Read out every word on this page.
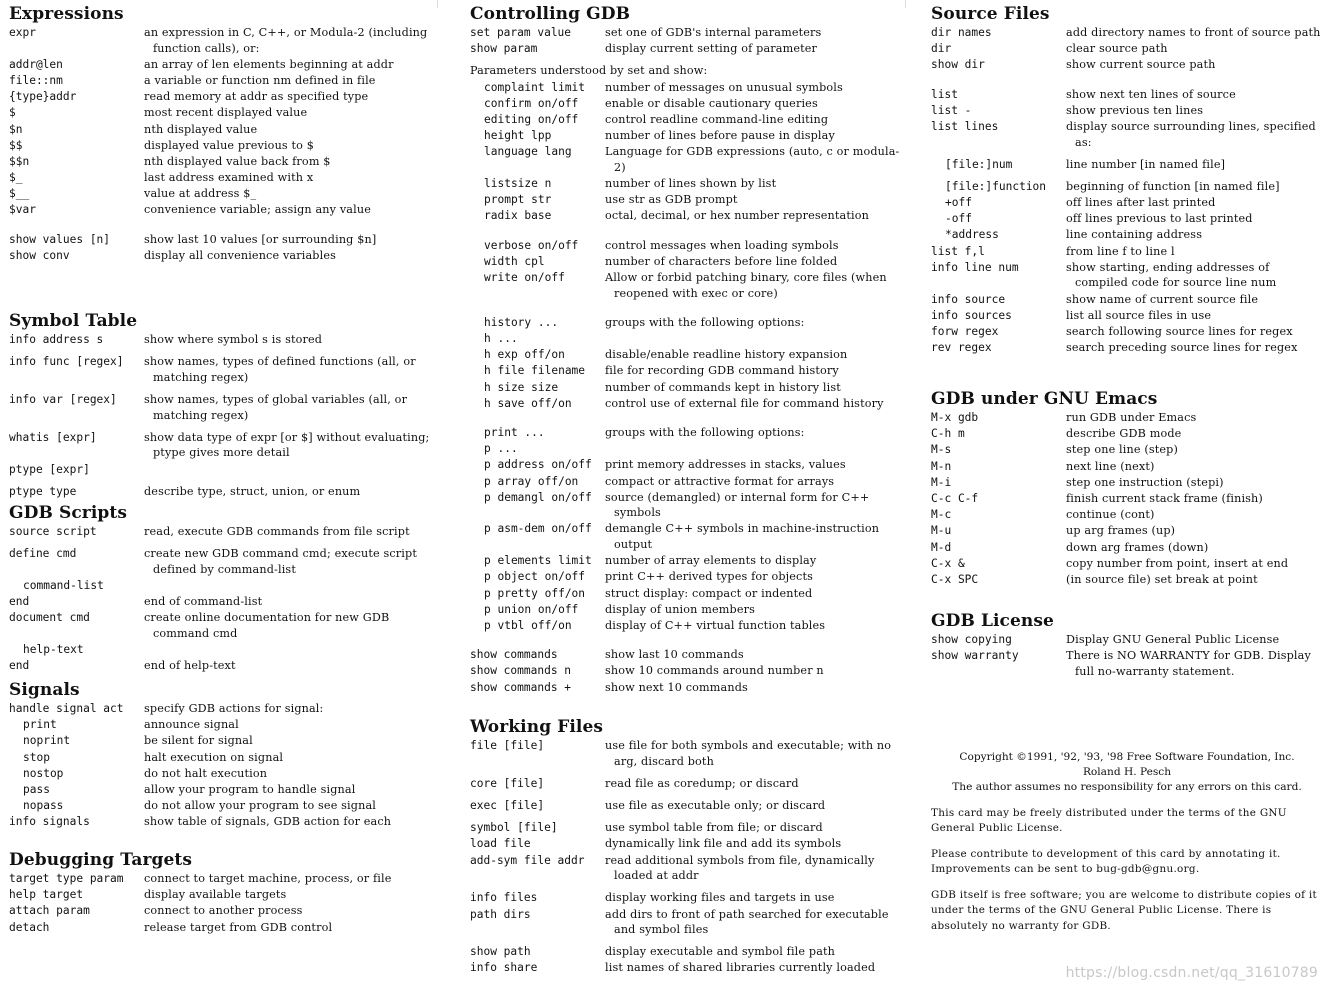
Expressions
expr	an expression in C, C++, or Modula-2 (including function calls), or:
addr@len	an array of len elements beginning at addr
file::nm	a variable or function nm defined in file
{type}addr	read memory at addr as specified type
$	most recent displayed value
$n	nth displayed value
$$	displayed value previous to $
$$n	nth displayed value back from $
$_	last address examined with x
$__	value at address $_
$var	convenience variable; assign any value
show values [n]	show last 10 values [or surrounding $n]
show conv	display all convenience variables
Symbol Table
info address s	show where symbol s is stored
info func [regex]	show names, types of defined functions (all, or matching regex)
info var [regex]	show names, types of global variables (all, or matching regex)
whatis [expr]	show data type of expr [or $] without evaluating; ptype gives more detail
ptype [expr]
ptype type	describe type, struct, union, or enum
GDB Scripts
source script	read, execute GDB commands from file script
define cmd	create new GDB command cmd; execute script defined by command-list
command-list
end	end of command-list
document cmd	create online documentation for new GDB command cmd
help-text
end	end of help-text
Signals
handle signal act	specify GDB actions for signal:
print	announce signal
noprint	be silent for signal
stop	halt execution on signal
nostop	do not halt execution
pass	allow your program to handle signal
nopass	do not allow your program to see signal
info signals	show table of signals, GDB action for each
Debugging Targets
target type param	connect to target machine, process, or file
help target	display available targets
attach param	connect to another process
detach	release target from GDB control
Controlling GDB
set param value	set one of GDB's internal parameters
show param	display current setting of parameter
Parameters understood by set and show:
complaint limit	number of messages on unusual symbols
confirm on/off	enable or disable cautionary queries
editing on/off	control readline command-line editing
height lpp	number of lines before pause in display
language lang	Language for GDB expressions (auto, c or modula-2)
listsize n	number of lines shown by list
prompt str	use str as GDB prompt
radix base	octal, decimal, or hex number representation
verbose on/off	control messages when loading symbols
width cpl	number of characters before line folded
write on/off	Allow or forbid patching binary, core files (when reopened with exec or core)
history ...	groups with the following options:
h ...
h exp off/on	disable/enable readline history expansion
h file filename	file for recording GDB command history
h size size	number of commands kept in history list
h save off/on	control use of external file for command history
print ...	groups with the following options:
p ...
p address on/off	print memory addresses in stacks, values
p array off/on	compact or attractive format for arrays
p demangl on/off	source (demangled) or internal form for C++ symbols
p asm-dem on/off	demangle C++ symbols in machine-instruction output
p elements limit	number of array elements to display
p object on/off	print C++ derived types for objects
p pretty off/on	struct display: compact or indented
p union on/off	display of union members
p vtbl off/on	display of C++ virtual function tables
show commands	show last 10 commands
show commands n	show 10 commands around number n
show commands +	show next 10 commands
Working Files
file [file]	use file for both symbols and executable; with no arg, discard both
core [file]	read file as coredump; or discard
exec [file]	use file as executable only; or discard
symbol [file]	use symbol table from file; or discard
load file	dynamically link file and add its symbols
add-sym file addr	read additional symbols from file, dynamically loaded at addr
info files	display working files and targets in use
path dirs	add dirs to front of path searched for executable and symbol files
show path	display executable and symbol file path
info share	list names of shared libraries currently loaded
Source Files
dir names	add directory names to front of source path
dir	clear source path
show dir	show current source path
list	show next ten lines of source
list -	show previous ten lines
list lines	display source surrounding lines, specified as:
[file:]num	line number [in named file]
[file:]function	beginning of function [in named file]
+off	off lines after last printed
-off	off lines previous to last printed
*address	line containing address
list f,l	from line f to line l
info line num	show starting, ending addresses of compiled code for source line num
info source	show name of current source file
info sources	list all source files in use
forw regex	search following source lines for regex
rev regex	search preceding source lines for regex
GDB under GNU Emacs
M-x gdb	run GDB under Emacs
C-h m	describe GDB mode
M-s	step one line (step)
M-n	next line (next)
M-i	step one instruction (stepi)
C-c C-f	finish current stack frame (finish)
M-c	continue (cont)
M-u	up arg frames (up)
M-d	down arg frames (down)
C-x &	copy number from point, insert at end
C-x SPC	(in source file) set break at point
GDB License
show copying	Display GNU General Public License
show warranty	There is NO WARRANTY for GDB. Display full no-warranty statement.
Copyright ©1991, '92, '93, '98 Free Software Foundation, Inc.
Roland H. Pesch
The author assumes no responsibility for any errors on this card.

This card may be freely distributed under the terms of the GNU General Public License.

Please contribute to development of this card by annotating it. Improvements can be sent to bug-gdb@gnu.org.

GDB itself is free software; you are welcome to distribute copies of it under the terms of the GNU General Public License. There is absolutely no warranty for GDB.

https://blog.csdn.net/qq_31610789
